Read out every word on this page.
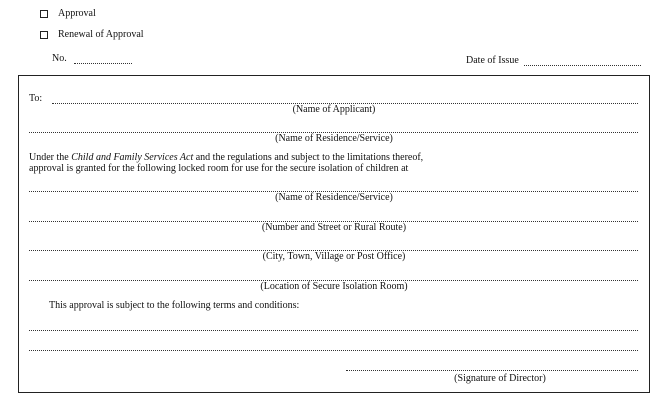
Approval
Renewal of Approval
No.	Date of Issue
To:
(Name of Applicant)
(Name of Residence/Service)
Under the Child and Family Services Act and the regulations and subject to the limitations thereof,
approval is granted for the following locked room for use for the secure isolation of children at
(Name of Residence/Service)
(Number and Street or Rural Route)
(City, Town, Village or Post Office)
(Location of Secure Isolation Room)
This approval is subject to the following terms and conditions:
(Signature of Director)
